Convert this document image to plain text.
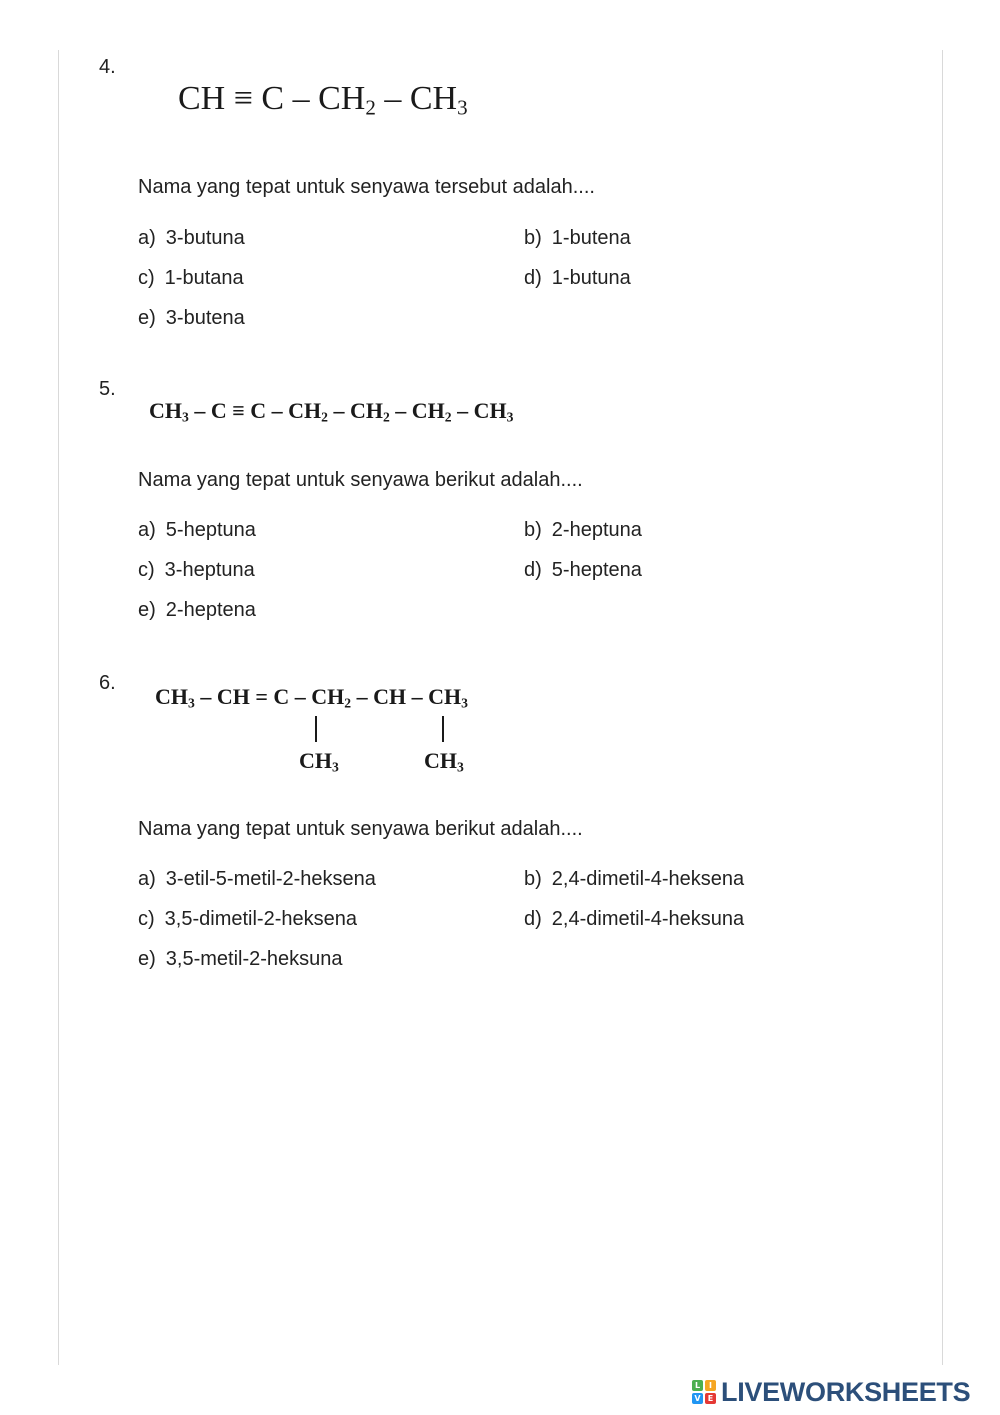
4.
CH ≡ C – $CH_2 - CH_3$
Nama yang tepat untuk senyawa tersebut adalah....
a) 3-butuna	b) 1-butena
c) 1-butana	d) 1-butuna
e) 3-butena
5.
$CH_3 - C \equiv C - CH_2 - CH_2 - CH_2 - CH_3$
Nama yang tepat untuk senyawa berikut adalah....
a) 5-heptuna	b) 2-heptuna
c) 3-heptuna	d) 5-heptena
e) 2-heptena
6.
$CH_3$ – CH = C – $CH_2$ – CH – $CH_3$
$CH_3$	$CH_3$
Nama yang tepat untuk senyawa berikut adalah....
a) 3-etil-5-metil-2-heksena	b) 2,4-dimetil-4-heksena
c) 3,5-dimetil-2-heksena	d) 2,4-dimetil-4-heksuna
e) 3,5-metil-2-heksuna
L	I
V E LIVEWORKSHEETS
